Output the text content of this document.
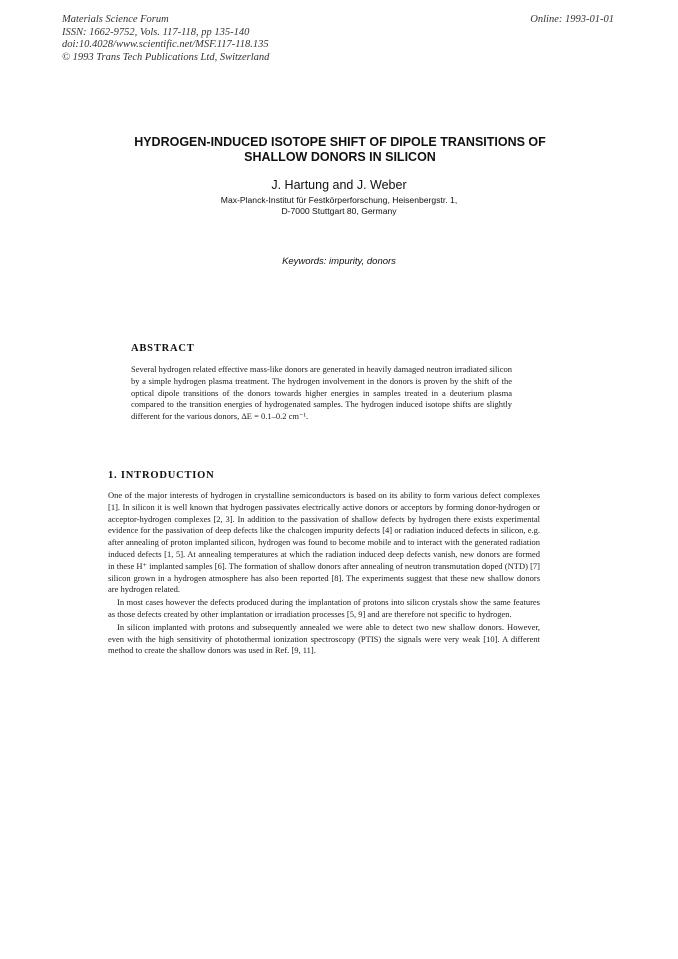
Materials Science Forum
ISSN: 1662-9752, Vols. 117-118, pp 135-140
doi:10.4028/www.scientific.net/MSF.117-118.135
© 1993 Trans Tech Publications Ltd, Switzerland
Online: 1993-01-01
HYDROGEN-INDUCED ISOTOPE SHIFT OF DIPOLE TRANSITIONS OF
SHALLOW DONORS IN SILICON
J. Hartung and J. Weber
Max-Planck-Institut für Festkörperforschung, Heisenbergstr. 1,
D-7000 Stuttgart 80, Germany
Keywords: impurity, donors
ABSTRACT
Several hydrogen related effective mass-like donors are generated in heavily damaged neutron irradiated silicon by a simple hydrogen plasma treatment. The hydrogen involvement in the donors is proven by the shift of the optical dipole transitions of the donors towards higher energies in samples treated in a deuterium plasma compared to the transition energies of hydrogenated samples. The hydrogen induced isotope shifts are slightly different for the various donors, ΔE = 0.1–0.2 cm⁻¹.
1. INTRODUCTION

One of the major interests of hydrogen in crystalline semiconductors is based on its ability to form various defect complexes [1]. In silicon it is well known that hydrogen passivates electrically active donors or acceptors by forming donor-hydrogen or acceptor-hydrogen complexes [2, 3]. In addition to the passivation of shallow defects by hydrogen there exists experimental evidence for the passivation of deep defects like the chalcogen impurity defects [4] or radiation induced defects in silicon, e.g. after annealing of proton implanted silicon, hydrogen was found to become mobile and to interact with the generated radiation induced defects [1, 5]. At annealing temperatures at which the radiation induced deep defects vanish, new donors are formed in these H⁺ implanted samples [6]. The formation of shallow donors after annealing of neutron transmutation doped (NTD) [7] silicon grown in a hydrogen atmosphere has also been reported [8]. The experiments suggest that these new shallow donors are hydrogen related.

In most cases however the defects produced during the implantation of protons into silicon crystals show the same features as those defects created by other implantation or irradiation processes [5, 9] and are therefore not specific to hydrogen.

In silicon implanted with protons and subsequently annealed we were able to detect two new shallow donors. However, even with the high sensitivity of photothermal ionization spectroscopy (PTIS) the signals were very weak [10]. A different method to create the shallow donors was used in Ref. [9, 11].
